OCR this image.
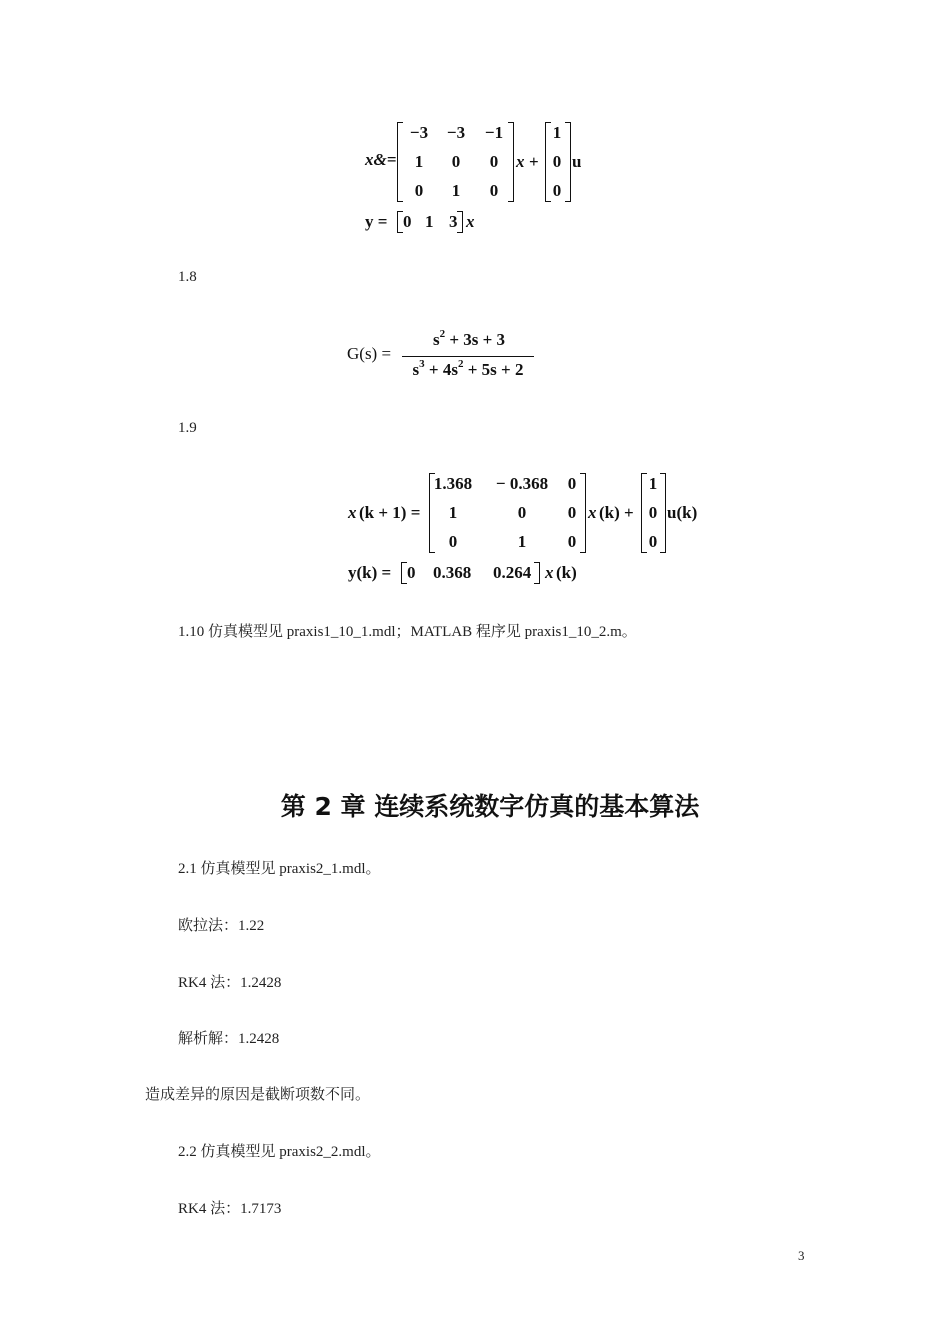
x&=
−3	−3	−1
1	0	0
0	1	0
x +
1
0
0
u
y = 0 1 3 x
1.8
G(s) =
$s^2 + 3s + 3$
$s^3 + 4s^2 + 5s + 2$
1.9
x (k + 1) =
1.368	− 0.368	0
1	0	0
0	1	0
x (k) +
1
0
0
u(k)
y(k) = 0 0.368 0.264 x (k)
1.10 仿真模型见 praxis1_10_1.mdl；MATLAB 程序见 praxis1_10_2.m。
第 2 章 连续系统数字仿真的基本算法
2.1 仿真模型见 praxis2_1.mdl。
欧拉法：1.22
RK4 法：1.2428
解析解：1.2428
造成差异的原因是截断项数不同。
2.2 仿真模型见 praxis2_2.mdl。
RK4 法：1.7173
3
